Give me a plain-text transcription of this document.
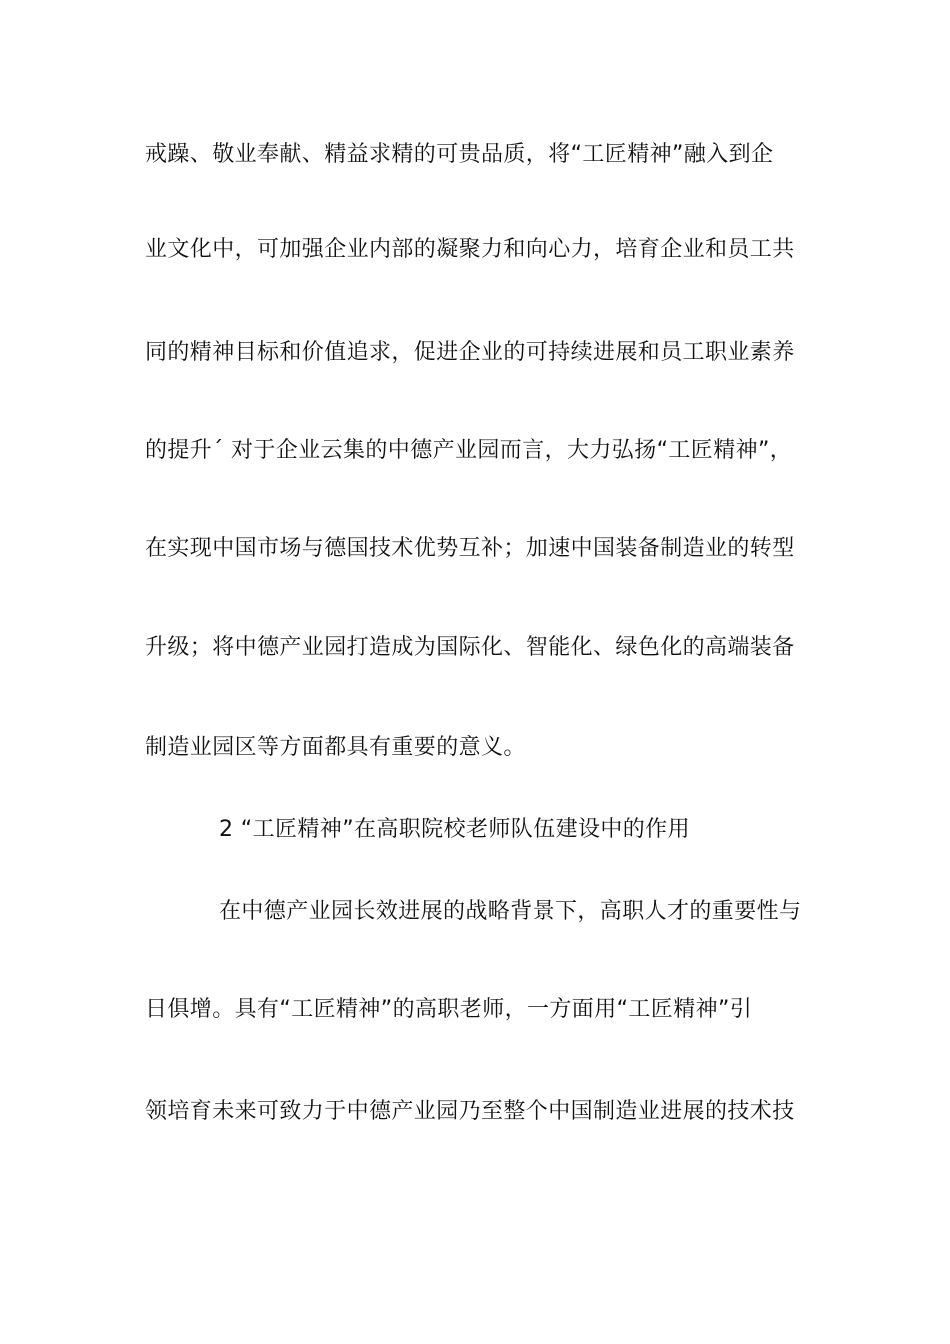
戒躁、敬业奉献、精益求精的可贵品质，将“工匠精神”融入到企
业文化中，可加强企业内部的凝聚力和向心力，培育企业和员工共
同的精神目标和价值追求，促进企业的可持续进展和员工职业素养
的提升´ 对于企业云集的中德产业园而言，大力弘扬“工匠精神”，
在实现中国市场与德国技术优势互补；加速中国装备制造业的转型
升级；将中德产业园打造成为国际化、智能化、绿色化的高端装备
制造业园区等方面都具有重要的意义。
2 “工匠精神”在高职院校老师队伍建设中的作用
在中德产业园长效进展的战略背景下，高职人才的重要性与
日俱增。具有“工匠精神”的高职老师，一方面用“工匠精神”引
领培育未来可致力于中德产业园乃至整个中国制造业进展的技术技
